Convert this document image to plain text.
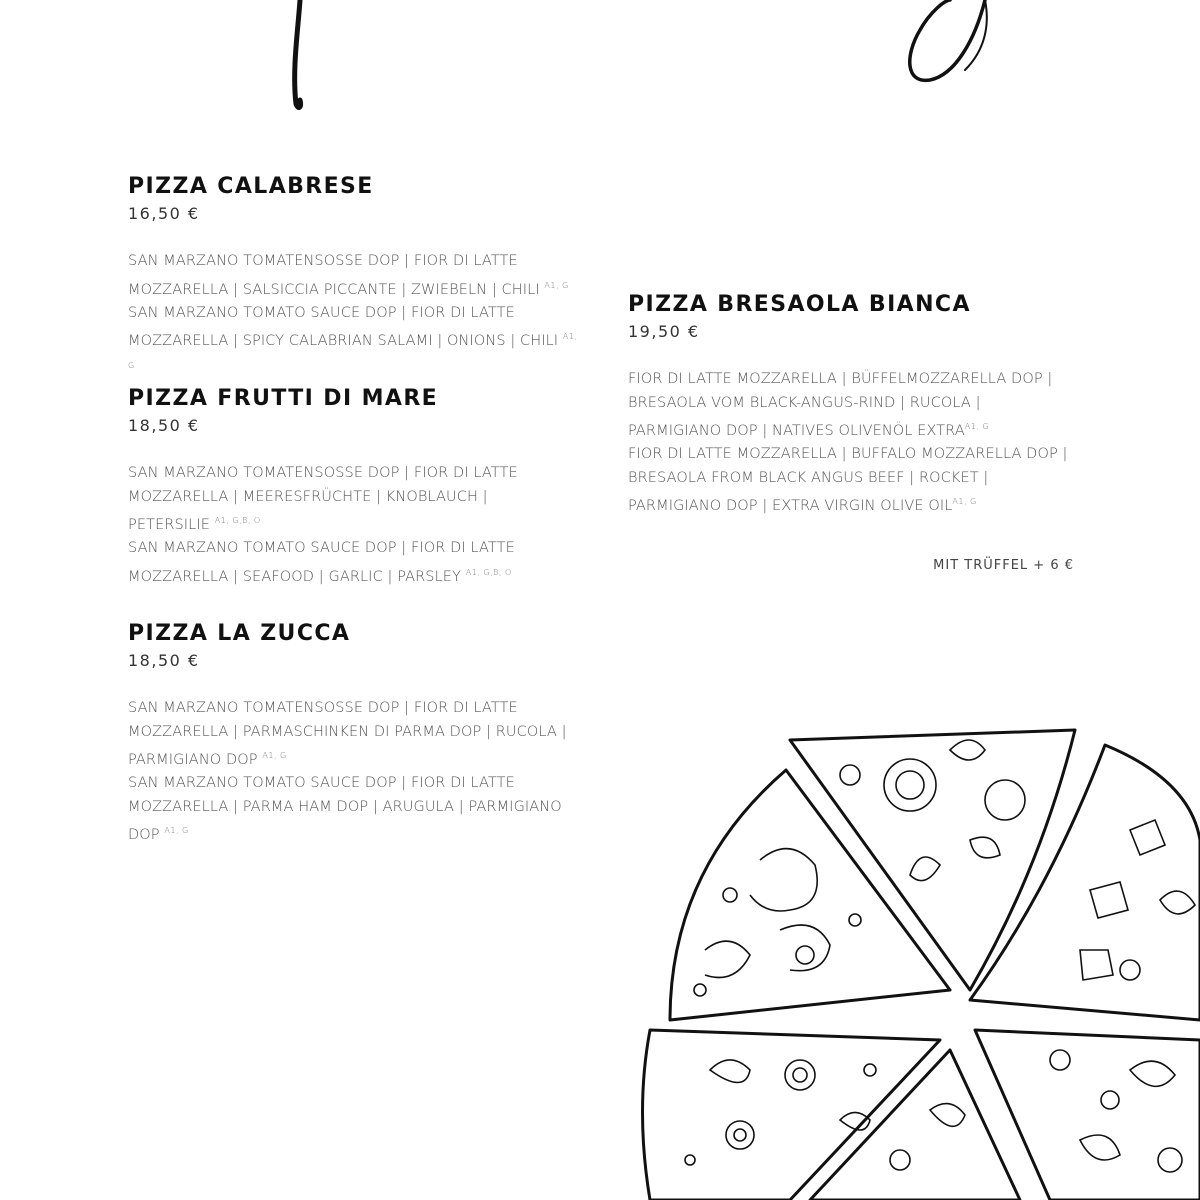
PIZZA CALABRESE
16,50 €

SAN MARZANO TOMATENSOSSE DOP | FIOR DI LATTE MOZZARELLA | SALSICCIA PICCANTE | ZWIEBELN | CHILI $^{A1, G}$

SAN MARZANO TOMATO SAUCE DOP | FIOR DI LATTE MOZZARELLA | SPICY CALABRIAN SALAMI | ONIONS | CHILI $^{A1, G}$

PIZZA FRUTTI DI MARE
18,50 €

SAN MARZANO TOMATENSOSSE DOP | FIOR DI LATTE MOZZARELLA | MEERESFRÜCHTE | KNOBLAUCH | PETERSILIE $^{A1, G,B, O}$

SAN MARZANO TOMATO SAUCE DOP | FIOR DI LATTE MOZZARELLA | SEAFOOD | GARLIC | PARSLEY $^{A1, G,B, O}$

PIZZA LA ZUCCA
18,50 €

SAN MARZANO TOMATENSOSSE DOP | FIOR DI LATTE MOZZARELLA | PARMASCHINKEN DI PARMA DOP | RUCOLA | PARMIGIANO DOP $^{A1, G}$

SAN MARZANO TOMATO SAUCE DOP | FIOR DI LATTE MOZZARELLA | PARMA HAM DOP | ARUGULA | PARMIGIANO DOP $^{A1, G}$

PIZZA BRESAOLA BIANCA
19,50 €

FIOR DI LATTE MOZZARELLA | BÜFFELMOZZARELLA DOP | BRESAOLA VOM BLACK-ANGUS-RIND | RUCOLA | PARMIGIANO DOP | NATIVES OLIVENÖL $EXTRA^{A1, G}$

FIOR DI LATTE MOZZARELLA | BUFFALO MOZZARELLA DOP | BRESAOLA FROM BLACK ANGUS BEEF | ROCKET | PARMIGIANO DOP | EXTRA VIRGIN OLIVE $OIL^{A1, G}$

MIT TRÜFFEL + 6 €
